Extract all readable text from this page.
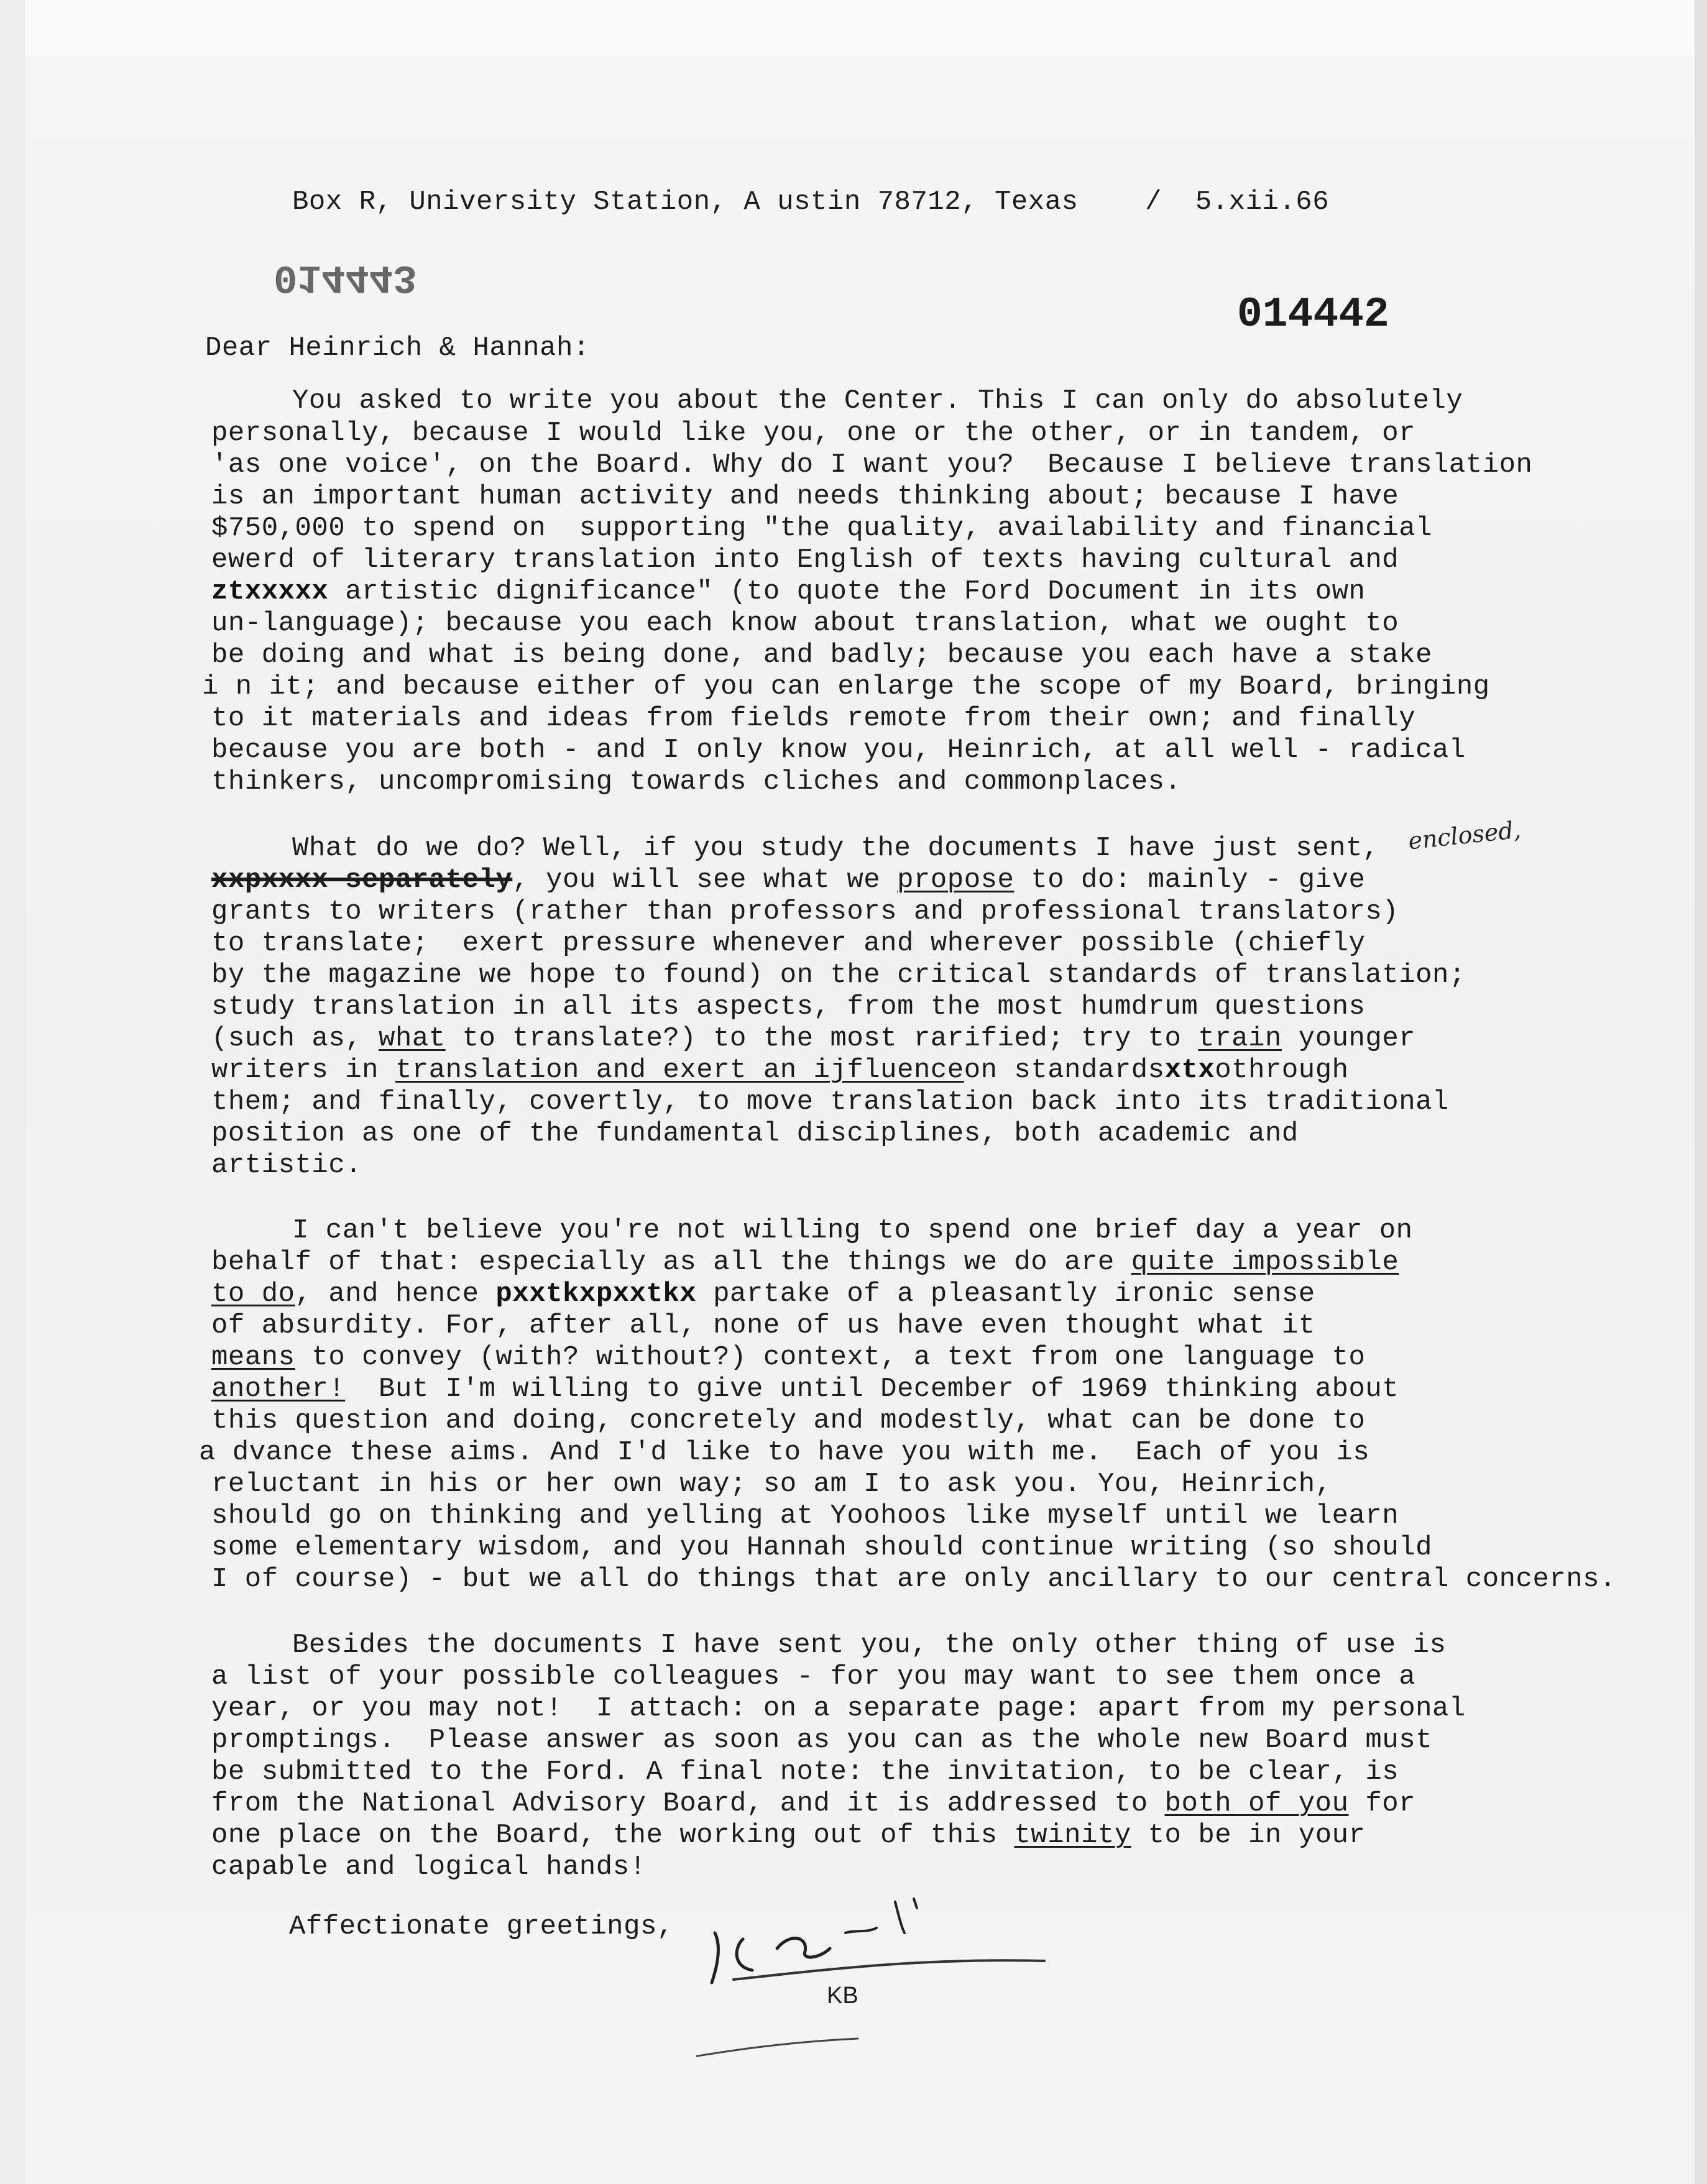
Box R, University Station, A ustin 78712, Texas / 5.xii.66
014443
014442
Dear Heinrich & Hannah:
You asked to write you about the Center. This I can only do absolutely
personally, because I would like you, one or the other, or in tandem, or
'as one voice', on the Board. Why do I want you?  Because I believe translation
is an important human activity and needs thinking about; because I have
$750,000 to spend on  supporting "the quality, availability and financial
ewerd of literary translation into English of texts having cultural and
ztxxxxx artistic dignificance" (to quote the Ford Document in its own
un-language); because you each know about translation, what we ought to
be doing and what is being done, and badly; because you each have a stake
i n it; and because either of you can enlarge the scope of my Board, bringing
to it materials and ideas from fields remote from their own; and finally
because you are both - and I only know you, Heinrich, at all well - radical
thinkers, uncompromising towards cliches and commonplaces.
What do we do? Well, if you study the documents I have just sent, enclosed,
xxpxxxx separately, you will see what we propose to do: mainly - give
grants to writers (rather than professors and professional translators)
to translate;  exert pressure whenever and wherever possible (chiefly
by the magazine we hope to found) on the critical standards of translation;
study translation in all its aspects, from the most humdrum questions
(such as, what to translate?) to the most rarified; try to train younger
writers in translation and exert an ijfluenceon standardsxtxothrough
them; and finally, covertly, to move translation back into its traditional
position as one of the fundamental disciplines, both academic and
artistic.
I can't believe you're not willing to spend one brief day a year on
behalf of that: especially as all the things we do are quite impossible
to do, and hence pxxtkxpxxtkx partake of a pleasantly ironic sense
of absurdity. For, after all, none of us have even thought what it
means to convey (with? without?) context, a text from one language to
another!  But I'm willing to give until December of 1969 thinking about
this question and doing, concretely and modestly, what can be done to
a dvance these aims. And I'd like to have you with me.  Each of you is
reluctant in his or her own way; so am I to ask you. You, Heinrich,
should go on thinking and yelling at Yoohoos like myself until we learn
some elementary wisdom, and you Hannah should continue writing (so should
I of course) - but we all do things that are only ancillary to our central concerns.
Besides the documents I have sent you, the only other thing of use is
a list of your possible colleagues - for you may want to see them once a
year, or you may not!  I attach: on a separate page: apart from my personal
promptings.  Please answer as soon as you can as the whole new Board must
be submitted to the Ford. A final note: the invitation, to be clear, is
from the National Advisory Board, and it is addressed to both of you for
one place on the Board, the working out of this twinity to be in your
capable and logical hands!
Affectionate greetings,
KB
